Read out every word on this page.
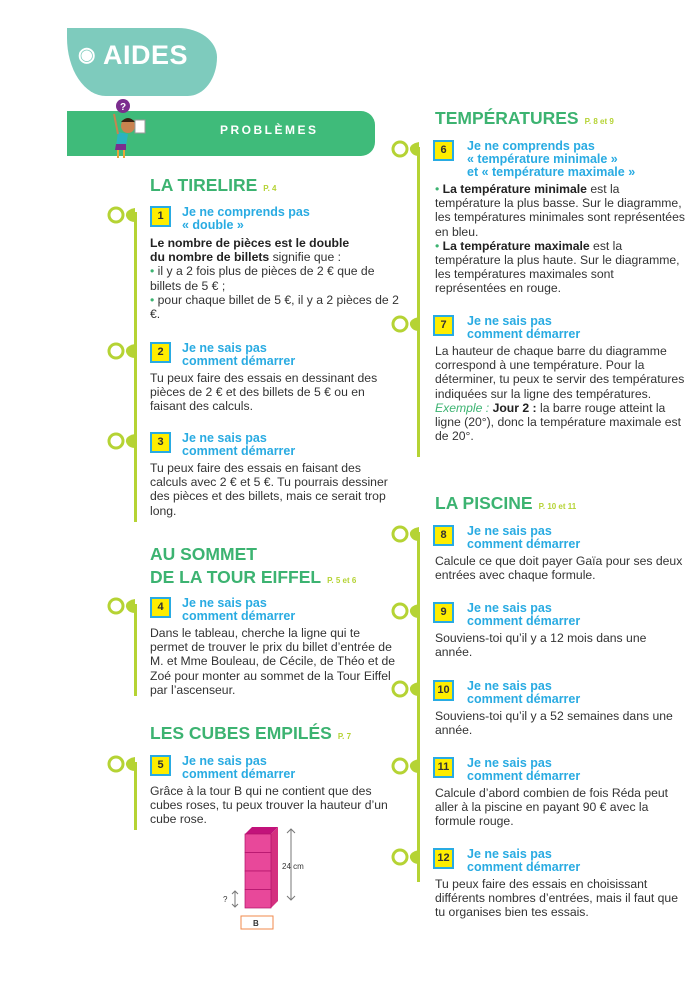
◉ AIDES
PROBLÈMES
?
LA TIRELIRE P. 4
AU SOMMET
DE LA TOUR EIFFEL P. 5 et 6
LES CUBES EMPILÉS P. 7
TEMPÉRATURES P. 8 et 9
LA PISCINE P. 10 et 11
1	Je ne comprends pas
« double »
2	Je ne sais pas
comment démarrer
Tu peux faire des essais en dessinant des pièces de 2 € et des billets de 5 € ou en faisant des calculs.
3	Je ne sais pas
comment démarrer
Tu peux faire des essais en faisant des calculs avec 2 € et 5 €. Tu pourrais dessiner des pièces et des billets, mais ce serait trop long.
4	Je ne sais pas
comment démarrer
Dans le tableau, cherche la ligne qui te permet de trouver le prix du billet d’entrée de M. et Mme Bouleau, de Cécile, de Théo et de Zoé pour monter au sommet de la Tour Eiffel par l’ascenseur.
5	Je ne sais pas
comment démarrer
Grâce à la tour B qui ne contient que des cubes roses, tu peux trouver la hauteur d’un cube rose.
6	Je ne comprends pas
« température minimale »
et « température maximale »
7	Je ne sais pas
comment démarrer
8	Je ne sais pas
comment démarrer
Calcule ce que doit payer Gaïa pour ses deux entrées avec chaque formule.
9	Je ne sais pas
comment démarrer
Souviens-toi qu’il y a 12 mois dans une année.
10	Je ne sais pas
comment démarrer
Souviens-toi qu’il y a 52 semaines dans une année.
11	Je ne sais pas
comment démarrer
Calcule d’abord combien de fois Réda peut aller à la piscine en payant 90 € avec la formule rouge.
12	Je ne sais pas
comment démarrer
Tu peux faire des essais en choisissant différents nombres d’entrées, mais il faut que tu organises bien tes essais.
Le nombre de pièces est le double
du nombre de billets signifie que :
• il y a 2 fois plus de pièces de 2 € que de billets de 5 € ;
• pour chaque billet de 5 €, il y a 2 pièces de 2 €.
• La température minimale est la température la plus basse. Sur le diagramme, les températures minimales sont représentées en bleu.
• La température maximale est la température la plus haute. Sur le diagramme, les températures maximales sont représentées en rouge.
La hauteur de chaque barre du diagramme correspond à une température. Pour la déterminer, tu peux te servir des températures indiquées sur la ligne des températures.
Exemple : Jour 2 : la barre rouge atteint la ligne (20°), donc la température maximale est de 20°.
24 cm
?
B
